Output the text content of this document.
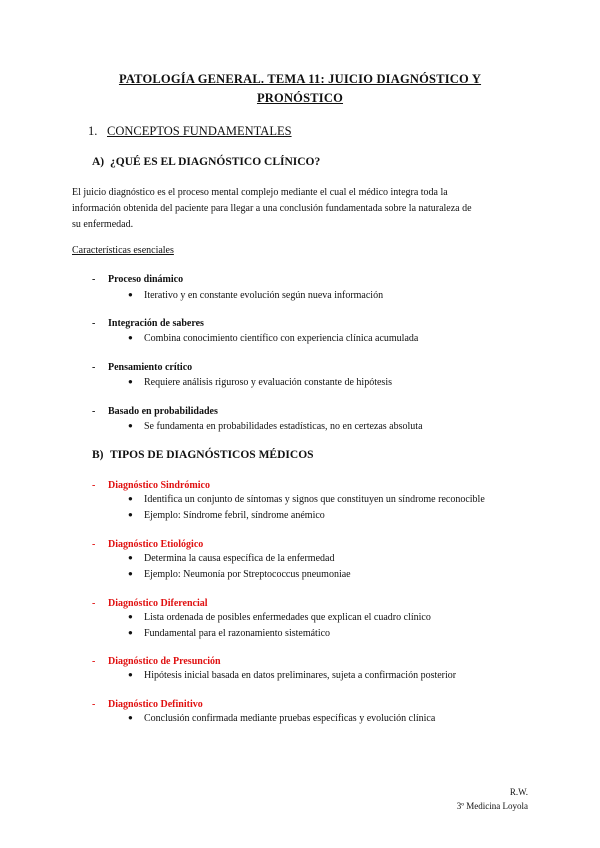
PATOLOGÍA GENERAL. TEMA 11: JUICIO DIAGNÓSTICO Y
PRONÓSTICO
1. CONCEPTOS FUNDAMENTALES
A) ¿QUÉ ES EL DIAGNÓSTICO CLÍNICO?
El juicio diagnóstico es el proceso mental complejo mediante el cual el médico integra toda la
información obtenida del paciente para llegar a una conclusión fundamentada sobre la naturaleza de
su enfermedad.
Características esenciales
- Proceso dinámico
● Iterativo y en constante evolución según nueva información
- Integración de saberes
● Combina conocimiento científico con experiencia clínica acumulada
- Pensamiento crítico
● Requiere análisis riguroso y evaluación constante de hipótesis
- Basado en probabilidades
● Se fundamenta en probabilidades estadísticas, no en certezas absoluta
B) TIPOS DE DIAGNÓSTICOS MÉDICOS
- Diagnóstico Sindrómico
● Identifica un conjunto de síntomas y signos que constituyen un síndrome reconocible
● Ejemplo: Síndrome febril, síndrome anémico
- Diagnóstico Etiológico
● Determina la causa específica de la enfermedad
● Ejemplo: Neumonía por Streptococcus pneumoniae
- Diagnóstico Diferencial
● Lista ordenada de posibles enfermedades que explican el cuadro clínico
● Fundamental para el razonamiento sistemático
- Diagnóstico de Presunción
● Hipótesis inicial basada en datos preliminares, sujeta a confirmación posterior
- Diagnóstico Definitivo
● Conclusión confirmada mediante pruebas específicas y evolución clínica
R.W.
3º Medicina Loyola
